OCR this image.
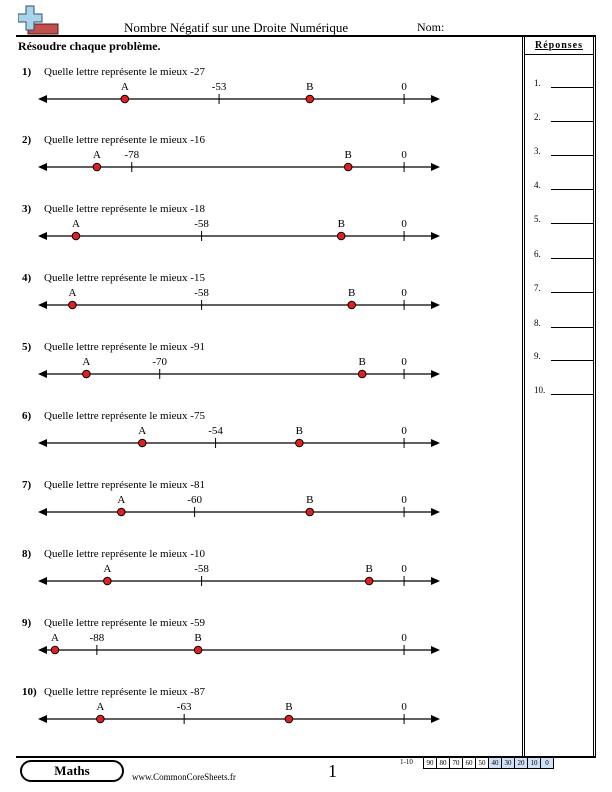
Nombre Négatif sur une Droite Numérique	Nom:
Résoudre chaque problème.
1) Quelle lettre représente le mieux -27
-53	0
A	B
2) Quelle lettre représente le mieux -16
-78	0
A	B
3) Quelle lettre représente le mieux -18
-58	0
A	B
4) Quelle lettre représente le mieux -15
-58	0
A	B
5) Quelle lettre représente le mieux -91
-70	0
A	B
6) Quelle lettre représente le mieux -75
-54	0
A	B
7) Quelle lettre représente le mieux -81
-60	0
A	B
8) Quelle lettre représente le mieux -10
-58	0
A	B
9) Quelle lettre représente le mieux -59
-88	0
A	B
10) Quelle lettre représente le mieux -87
-63	0
A	B
Réponses
1.
2.
3.
4.
5.
6.
7.
8.
9.
10.
Maths	www.CommonCoreSheets.fr	1	1-10 90	80	70	60	50	40	30	20	10	0
